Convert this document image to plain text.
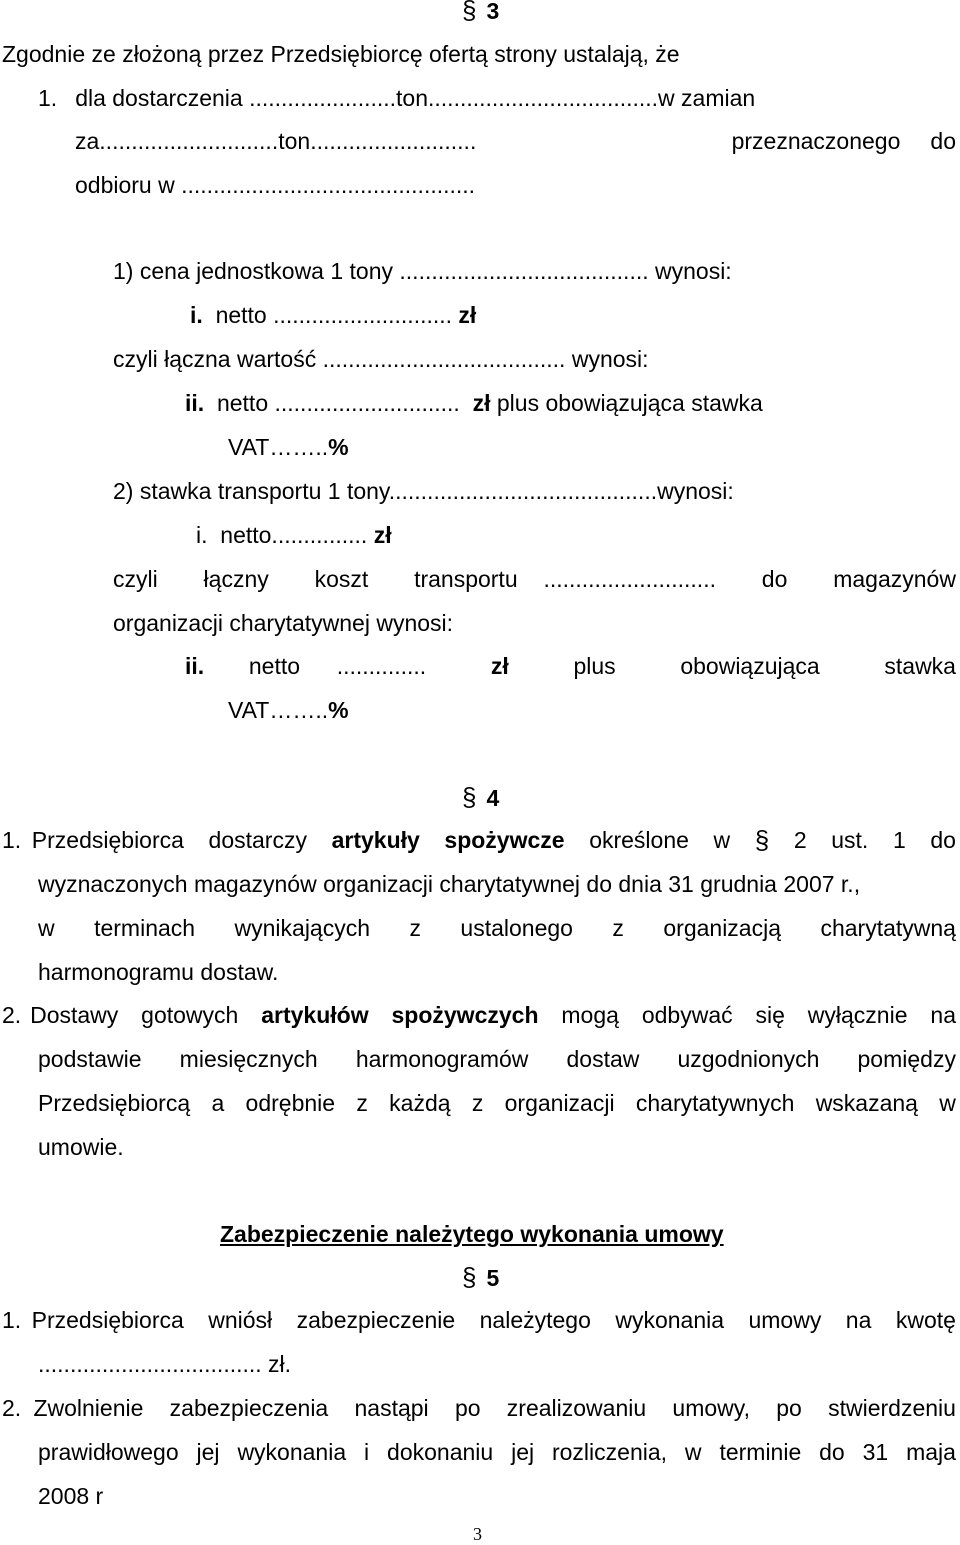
§ 3
Zgodnie ze złożoną przez Przedsiębiorcę ofertą strony ustalają, że
1. dla dostarczenia .......................ton....................................w zamian
za............................ton..........................	przeznaczonego do
odbioru w ..............................................
1) cena jednostkowa 1 tony ....................................... wynosi:
i. netto ............................ zł
czyli łączna wartość ...................................... wynosi:
ii. netto ............................. zł plus obowiązująca stawka
VAT……..%
2) stawka transportu 1 tony..........................................wynosi:
i. netto............... zł
czyli łączny koszt transportu ........................... do magazynów
organizacji charytatywnej wynosi:
ii. netto ..............	zł	plus	obowiązująca	stawka
VAT……..%
§ 4
1. Przedsiębiorca dostarczy artykuły spożywcze określone w § 2 ust. 1 do
wyznaczonych magazynów organizacji charytatywnej do dnia 31 grudnia 2007 r.,
w terminach wynikających z ustalonego z organizacją charytatywną
harmonogramu dostaw.
2. Dostawy gotowych artykułów spożywczych mogą odbywać się wyłącznie na
podstawie miesięcznych harmonogramów dostaw uzgodnionych pomiędzy
Przedsiębiorcą a odrębnie z każdą z organizacji charytatywnych wskazaną w
umowie.
Zabezpieczenie należytego wykonania umowy
§ 5
1. Przedsiębiorca wniósł zabezpieczenie należytego wykonania umowy na kwotę
................................... zł.
2. Zwolnienie zabezpieczenia nastąpi po zrealizowaniu umowy, po stwierdzeniu
prawidłowego jej wykonania i dokonaniu jej rozliczenia, w terminie do 31 maja
2008 r
3
